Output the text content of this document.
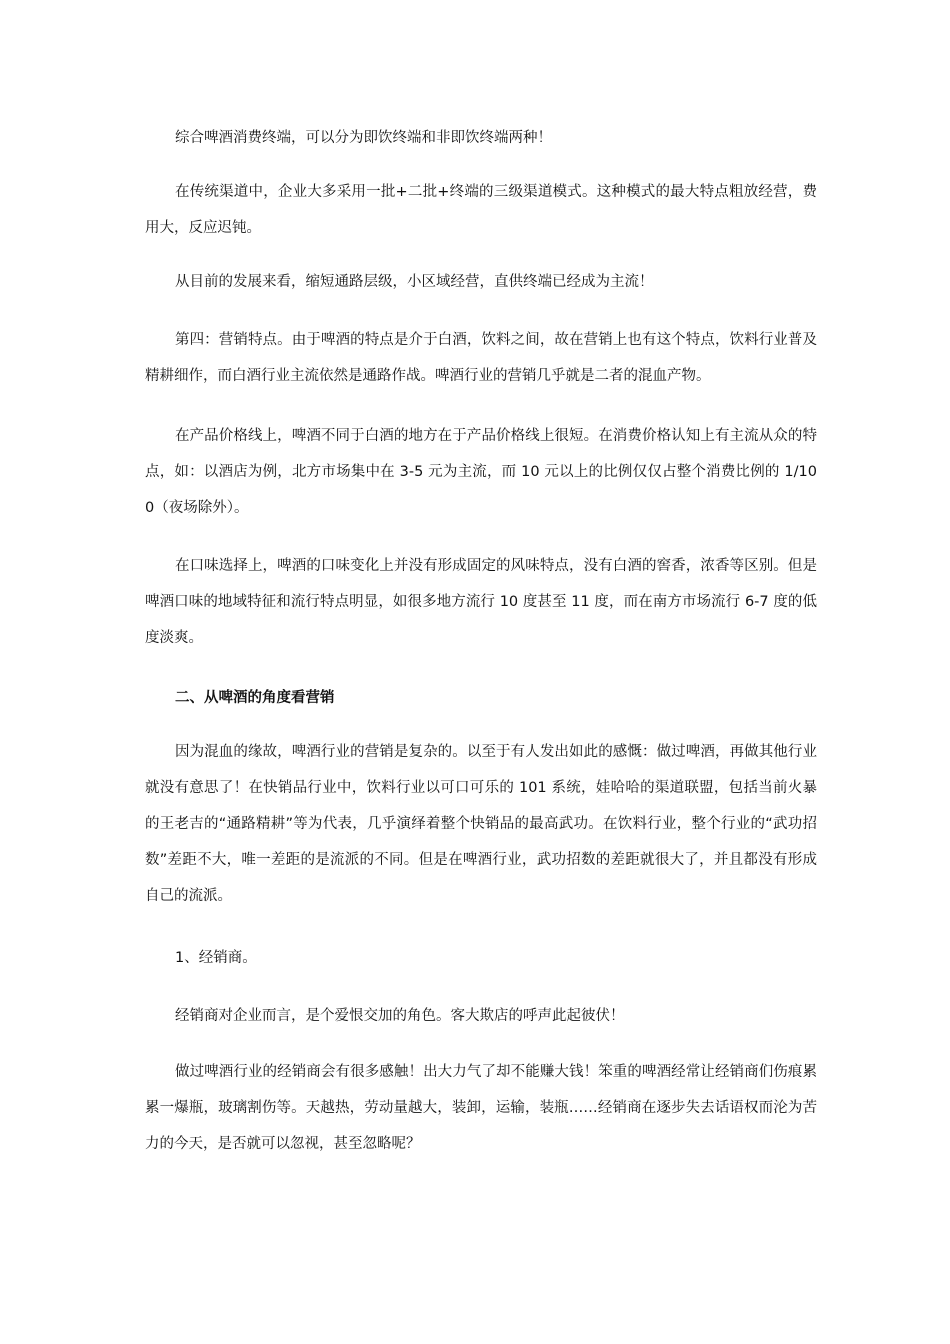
综合啤酒消费终端，可以分为即饮终端和非即饮终端两种！

在传统渠道中，企业大多采用一批+二批+终端的三级渠道模式。这种模式的最大特点粗放经营，费用大，反应迟钝。

从目前的发展来看，缩短通路层级，小区域经营，直供终端已经成为主流！

第四：营销特点。由于啤酒的特点是介于白酒，饮料之间，故在营销上也有这个特点，饮料行业普及精耕细作，而白酒行业主流依然是通路作战。啤酒行业的营销几乎就是二者的混血产物。

在产品价格线上，啤酒不同于白酒的地方在于产品价格线上很短。在消费价格认知上有主流从众的特点，如：以酒店为例，北方市场集中在 3-5 元为主流，而 10 元以上的比例仅仅占整个消费比例的 1/100（夜场除外）。

在口味选择上，啤酒的口味变化上并没有形成固定的风味特点，没有白酒的窖香，浓香等区别。但是啤酒口味的地域特征和流行特点明显，如很多地方流行 10 度甚至 11 度，而在南方市场流行 6-7 度的低度淡爽。

二、从啤酒的角度看营销

因为混血的缘故，啤酒行业的营销是复杂的。以至于有人发出如此的感慨：做过啤酒，再做其他行业就没有意思了！在快销品行业中，饮料行业以可口可乐的 101 系统，娃哈哈的渠道联盟，包括当前火暴的王老吉的“通路精耕”等为代表，几乎演绎着整个快销品的最高武功。在饮料行业，整个行业的“武功招数”差距不大，唯一差距的是流派的不同。但是在啤酒行业，武功招数的差距就很大了，并且都没有形成自己的流派。

1、经销商。

经销商对企业而言，是个爱恨交加的角色。客大欺店的呼声此起彼伏！

做过啤酒行业的经销商会有很多感触！出大力气了却不能赚大钱！笨重的啤酒经常让经销商们伤痕累累一爆瓶，玻璃割伤等。天越热，劳动量越大，装卸，运输，装瓶……经销商在逐步失去话语权而沦为苦力的今天，是否就可以忽视，甚至忽略呢？
